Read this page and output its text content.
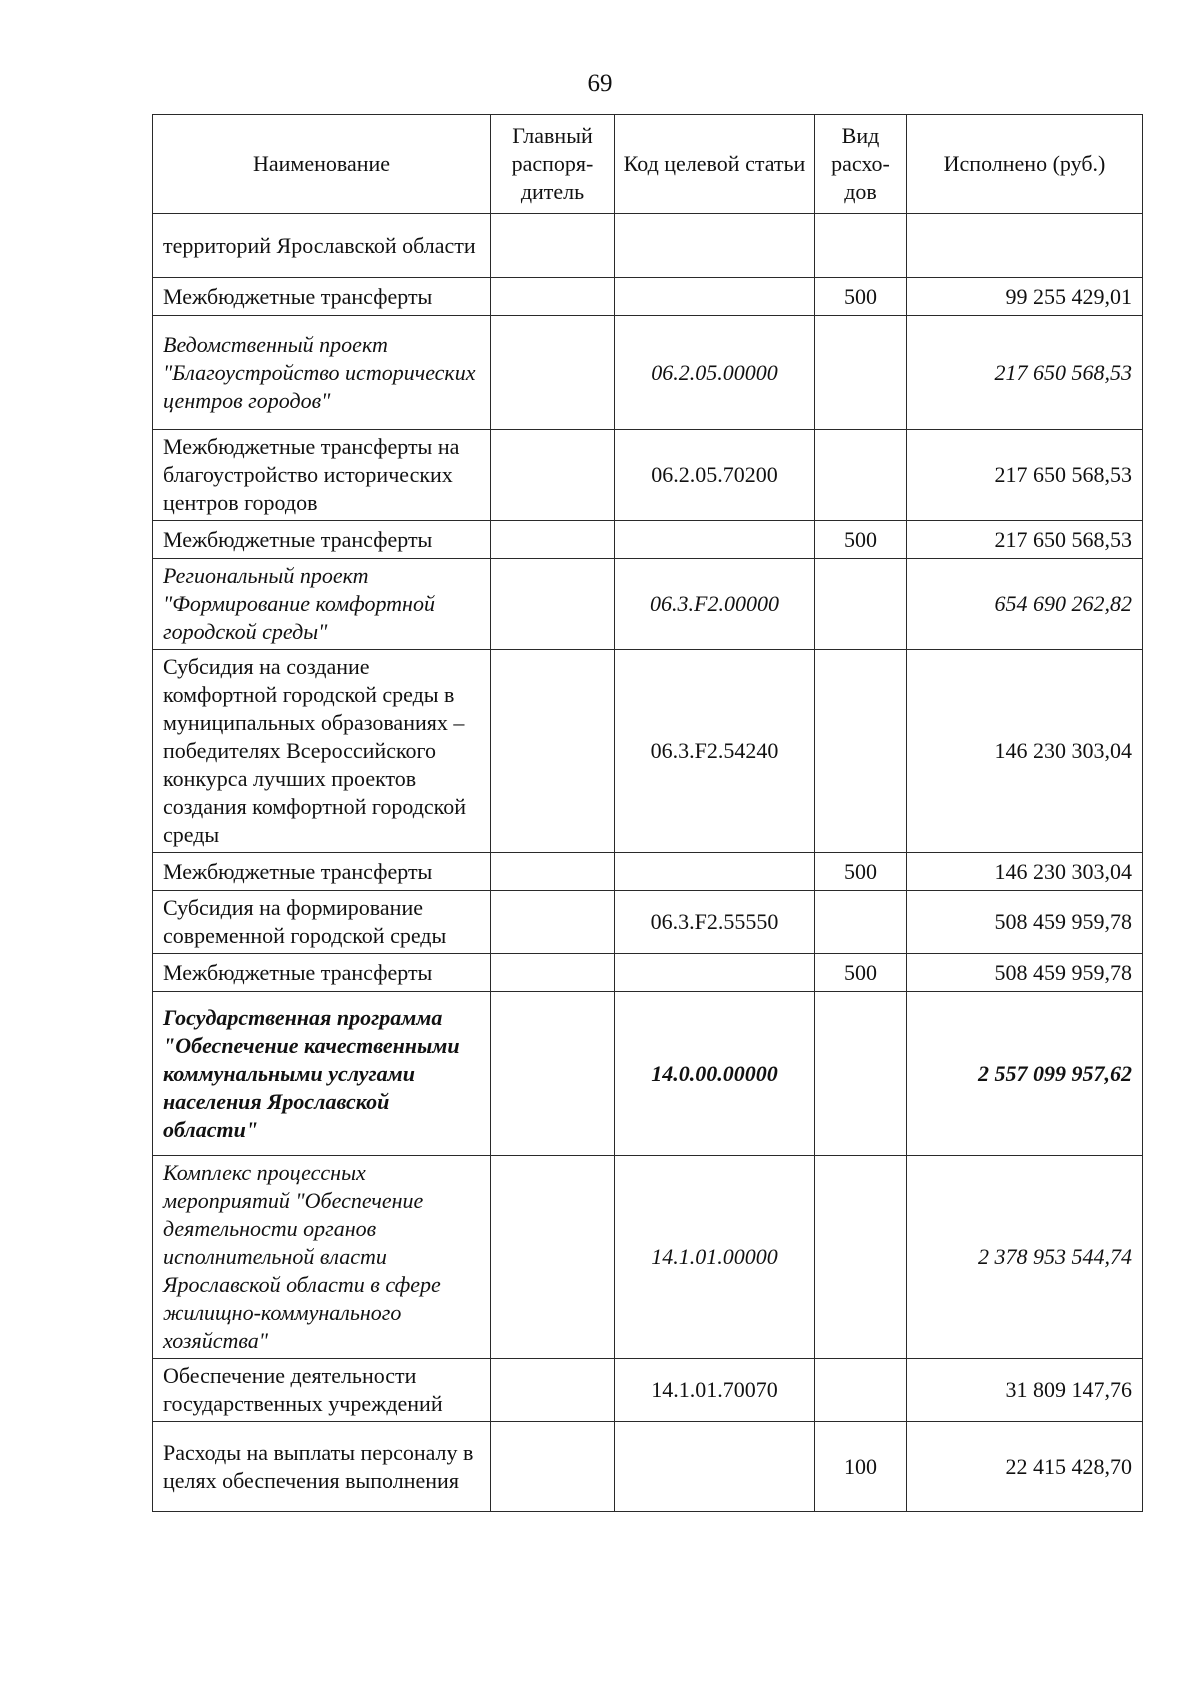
69
Наименование	Главный распоря-дитель	Код целевой статьи	Вид расхо-дов	Исполнено (руб.)
территорий Ярославской области				
Межбюджетные трансферты			500	99 255 429,01
Ведомственный проект "Благоустройство исторических центров городов"		06.2.05.00000		217 650 568,53
Межбюджетные трансферты на благоустройство исторических центров городов		06.2.05.70200		217 650 568,53
Межбюджетные трансферты			500	217 650 568,53
Региональный проект "Формирование комфортной городской среды"		06.3.F2.00000		654 690 262,82
Субсидия на создание комфортной городской среды в муниципальных образованиях – победителях Всероссийского конкурса лучших проектов создания комфортной городской среды		06.3.F2.54240		146 230 303,04
Межбюджетные трансферты			500	146 230 303,04
Субсидия на формирование современной городской среды		06.3.F2.55550		508 459 959,78
Межбюджетные трансферты			500	508 459 959,78
Государственная программа "Обеспечение качественными коммунальными услугами населения Ярославской области"		14.0.00.00000		2 557 099 957,62
Комплекс процессных мероприятий "Обеспечение деятельности органов исполнительной власти Ярославской области в сфере жилищно-коммунального хозяйства"		14.1.01.00000		2 378 953 544,74
Обеспечение деятельности государственных учреждений		14.1.01.70070		31 809 147,76
Расходы на выплаты персоналу в целях обеспечения выполнения			100	22 415 428,70
